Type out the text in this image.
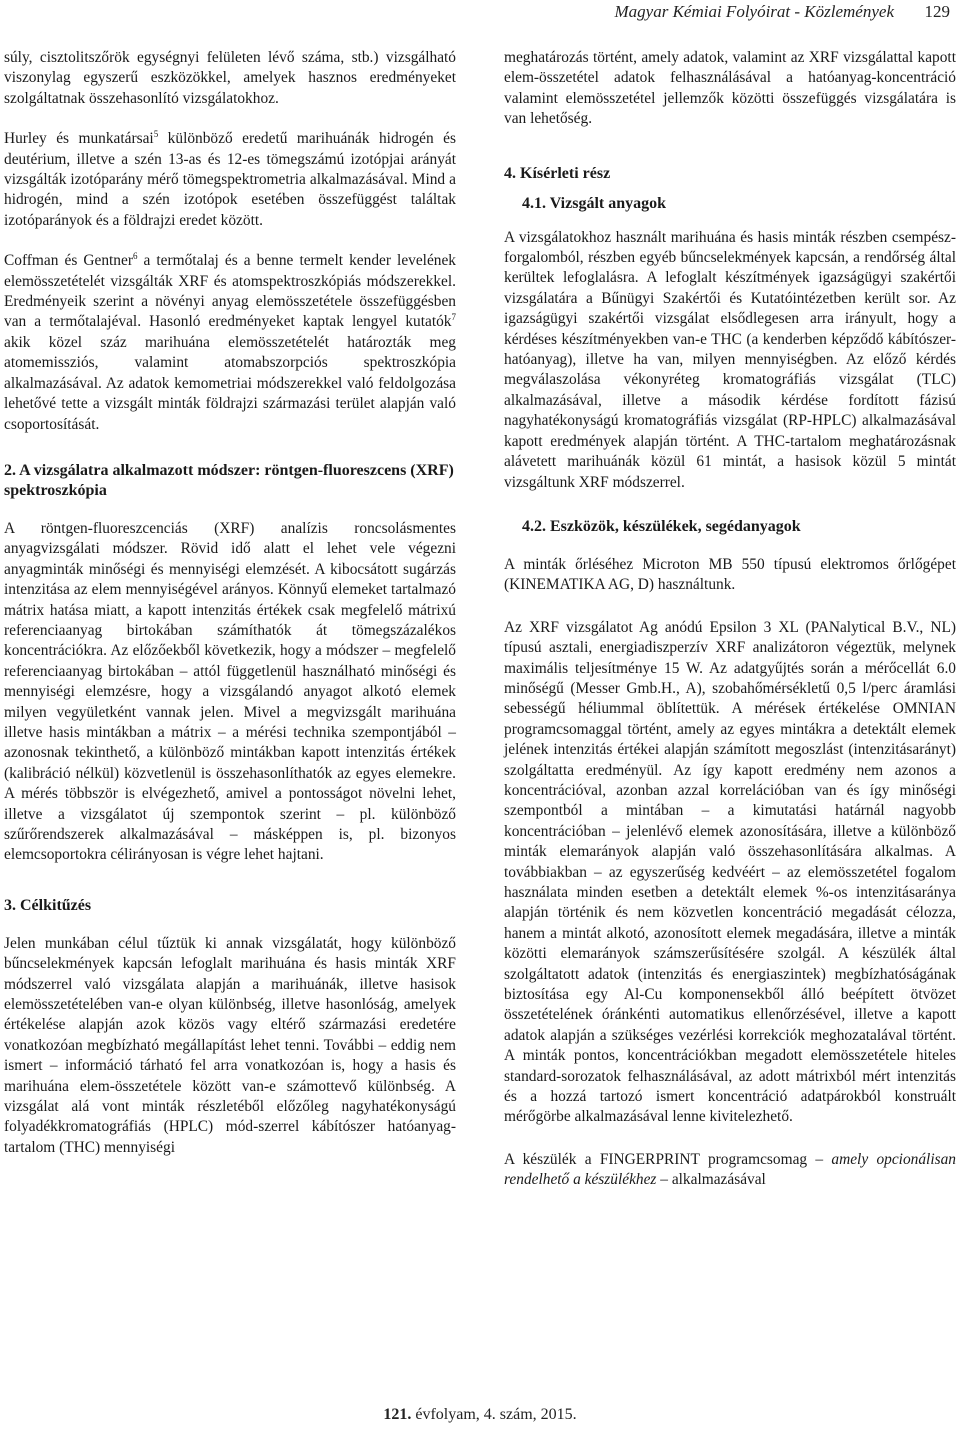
Magyar Kémiai Folyóirat - Közlemények 129

súly, cisztolitszőrök egységnyi felületen lévő száma, stb.) vizsgálható viszonylag egyszerű eszközökkel, amelyek hasznos eredményeket szolgáltatnak összehasonlító vizsgálatokhoz.

Hurley és munkatársai$^5$ különböző eredetű marihuánák hidrogén és deutérium, illetve a szén 13-as és 12-es tömegszámú izotópjai arányát vizsgálták izotóparány mérő tömegspektrometria alkalmazásával. Mind a hidrogén, mind a szén izotópok esetében összefüggést találtak izotóparányok és a földrajzi eredet között.

Coffman és Gentner$^6$ a termőtalaj és a benne termelt kender levelének elemösszetételét vizsgálták XRF és atomspektroszkópiás módszerekkel. Eredményeik szerint a növényi anyag elemösszetétele összefüggésben van a termőtalajéval. Hasonló eredményeket kaptak lengyel kutatók$^7$ akik közel száz marihuána elemösszetételét határozták meg atomemissziós, valamint atomabszorpciós spektroszkópia alkalmazásával. Az adatok kemometriai módszerekkel való feldolgozása lehetővé tette a vizsgált minták földrajzi származási terület alapján való csoportosítását.

2. A vizsgálatra alkalmazott módszer: röntgen-fluoreszcens (XRF) spektroszkópia

A röntgen-fluoreszcenciás (XRF) analízis roncsolásmentes anyagvizsgálati módszer. Rövid idő alatt el lehet vele végezni anyagminták minőségi és mennyiségi elemzését. A kibocsátott sugárzás intenzitása az elem mennyiségével arányos. Könnyű elemeket tartalmazó mátrix hatása miatt, a kapott intenzitás értékek csak megfelelő mátrixú referenciaanyag birtokában számíthatók át tömegszázalékos koncentrációkra. Az előzőekből következik, hogy a módszer – megfelelő referenciaanyag birtokában – attól függetlenül használható minőségi és mennyiségi elemzésre, hogy a vizsgálandó anyagot alkotó elemek milyen vegyületként vannak jelen. Mivel a megvizsgált marihuána illetve hasis mintákban a mátrix – a mérési technika szempontjából – azonosnak tekinthető, a különböző mintákban kapott intenzitás értékek (kalibráció nélkül) közvetlenül is összehasonlíthatók az egyes elemekre. A mérés többször is elvégezhető, amivel a pontosságot növelni lehet, illetve a vizsgálatot új szempontok szerint – pl. különböző szűrőrendszerek alkalmazásával – másképpen is, pl. bizonyos elemcsoportokra célirányosan is végre lehet hajtani.

3. Célkitűzés

Jelen munkában célul tűztük ki annak vizsgálatát, hogy különböző bűncselekmények kapcsán lefoglalt marihuána és hasis minták XRF módszerrel való vizsgálata alapján a marihuánák, illetve hasisok elemösszetételében van-e olyan különbség, illetve hasonlóság, amelyek értékelése alapján azok közös vagy eltérő származási eredetére vonatkozóan megbízható megállapítást lehet tenni. További – eddig nem ismert – információ tárható fel arra vonatkozóan is, hogy a hasis és marihuána elem-összetétele között van-e számottevő különbség. A vizsgálat alá vont minták részletéből előzőleg nagyhatékonyságú folyadékkromatográfiás (HPLC) mód-szerrel kábítószer hatóanyag-tartalom (THC) mennyiségi

meghatározás történt, amely adatok, valamint az XRF vizsgálattal kapott elem-összetétel adatok felhasználásával a hatóanyag-koncentráció valamint elemösszetétel jellemzők közötti összefüggés vizsgálatára is van lehetőség.

4. Kísérleti rész
4.1. Vizsgált anyagok

A vizsgálatokhoz használt marihuána és hasis minták részben csempész-forgalomból, részben egyéb bűncselekmények kapcsán, a rendőrség által kerültek lefoglalásra. A lefoglalt készítmények igazságügyi szakértői vizsgálatára a Bűnügyi Szakértői és Kutatóintézetben került sor. Az igazságügyi szakértői vizsgálat elsődlegesen arra irányult, hogy a kérdéses készítményekben van-e THC (a kenderben képződő kábítószer-hatóanyag), illetve ha van, milyen mennyiségben. Az előző kérdés megválaszolása vékonyréteg kromatográfiás vizsgálat (TLC) alkalmazásával, illetve a második kérdése fordított fázisú nagyhatékonyságú kromatográfiás vizsgálat (RP-HPLC) alkalmazásával kapott eredmények alapján történt. A THC-tartalom meghatározásnak alávetett marihuánák közül 61 mintát, a hasisok közül 5 mintát vizsgáltunk XRF módszerrel.

4.2. Eszközök, készülékek, segédanyagok

A minták őrléséhez Microton MB 550 típusú elektromos őrlőgépet (KINEMATIKA AG, D) használtunk.

Az XRF vizsgálatot Ag anódú Epsilon 3 XL (PANalytical B.V., NL) típusú asztali, energiadiszperzív XRF analizátoron végeztük, melynek maximális teljesítménye 15 W. Az adatgyűjtés során a mérőcellát 6.0 minőségű (Messer Gmb.H., A), szobahőmérsékletű 0,5 l/perc áramlási sebességű héliummal öblítettük. A mérések értékelése OMNIAN programcsomaggal történt, amely az egyes mintákra a detektált elemek jelének intenzitás értékei alapján számított megoszlást (intenzitásarányt) szolgáltatta eredményül. Az így kapott eredmény nem azonos a koncentrációval, azonban azzal korrelációban van és így minőségi szempontból a mintában – a kimutatási határnál nagyobb koncentrációban – jelenlévő elemek azonosítására, illetve a különböző minták elemarányok alapján való összehasonlítására alkalmas. A továbbiakban – az egyszerűség kedvéért – az elemösszetétel fogalom használata minden esetben a detektált elemek %-os intenzitásaránya alapján történik és nem közvetlen koncentráció megadását célozza, hanem a mintát alkotó, azonosított elemek megadására, illetve a minták közötti elemarányok számszerűsítésére szolgál. A készülék által szolgáltatott adatok (intenzitás és energiaszintek) megbízhatóságának biztosítása egy Al-Cu komponensekből álló beépített ötvözet összetételének óránkénti automatikus ellenőrzésével, illetve a kapott adatok alapján a szükséges vezérlési korrekciók meghozatalával történt. A minták pontos, koncentrációkban megadott elemösszetétele hiteles standard-sorozatok felhasználásával, az adott mátrixból mért intenzitás és a hozzá tartozó ismert koncentráció adatpárokból konstruált mérőgörbe alkalmazásával lenne kivitelezhető.

A készülék a FINGERPRINT programcsomag – amely opcionálisan rendelhető a készülékhez – alkalmazásával

121. évfolyam, 4. szám, 2015.
